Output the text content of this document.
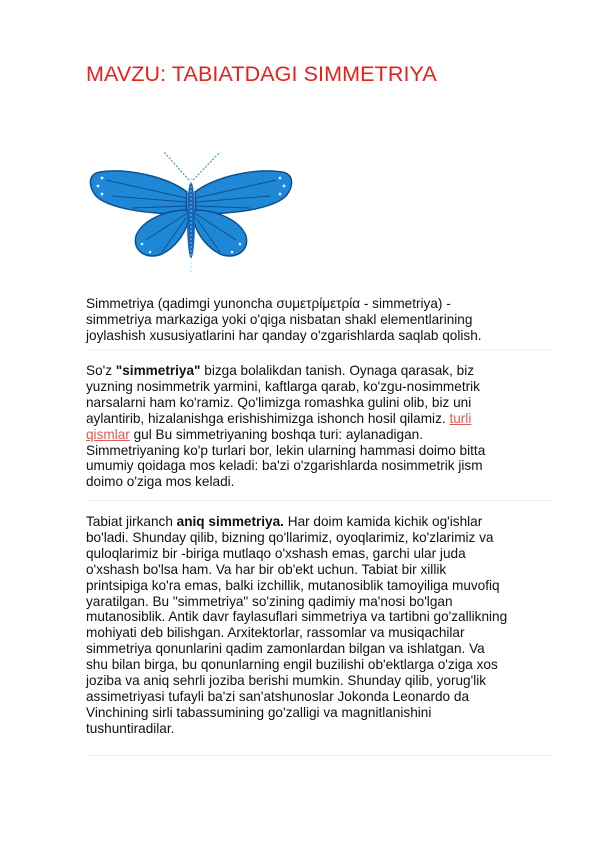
MAVZU: TABIATDAGI SIMMETRIYA
Simmetriya (qadimgi yunoncha συμετρίμετρία - simmetriya) -
simmetriya markaziga yoki o'qiga nisbatan shakl elementlarining
joylashish xususiyatlarini har qanday o'zgarishlarda saqlab qolish.
So'z "simmetriya" bizga bolalikdan tanish. Oynaga qarasak, biz
yuzning nosimmetrik yarmini, kaftlarga qarab, ko'zgu-nosimmetrik
narsalarni ham ko'ramiz. Qo'limizga romashka gulini olib, biz uni
aylantirib, hizalanishga erishishimizga ishonch hosil qilamiz. turli
qismlar gul Bu simmetriyaning boshqa turi: aylanadigan.
Simmetriyaning ko'p turlari bor, lekin ularning hammasi doimo bitta
umumiy qoidaga mos keladi: ba'zi o'zgarishlarda nosimmetrik jism
doimo o'ziga mos keladi.
Tabiat jirkanch aniq simmetriya. Har doim kamida kichik og'ishlar
bo'ladi. Shunday qilib, bizning qo'llarimiz, oyoqlarimiz, ko'zlarimiz va
quloqlarimiz bir -biriga mutlaqo o'xshash emas, garchi ular juda
o'xshash bo'lsa ham. Va har bir ob'ekt uchun. Tabiat bir xillik
printsipiga ko'ra emas, balki izchillik, mutanosiblik tamoyiliga muvofiq
yaratilgan. Bu "simmetriya" so'zining qadimiy ma'nosi bo'lgan
mutanosiblik. Antik davr faylasuflari simmetriya va tartibni go'zallikning
mohiyati deb bilishgan. Arxitektorlar, rassomlar va musiqachilar
simmetriya qonunlarini qadim zamonlardan bilgan va ishlatgan. Va
shu bilan birga, bu qonunlarning engil buzilishi ob'ektlarga o'ziga xos
joziba va aniq sehrli joziba berishi mumkin. Shunday qilib, yorug'lik
assimetriyasi tufayli ba'zi san'atshunoslar Jokonda Leonardo da
Vinchining sirli tabassumining go'zalligi va magnitlanishini
tushuntiradilar.
